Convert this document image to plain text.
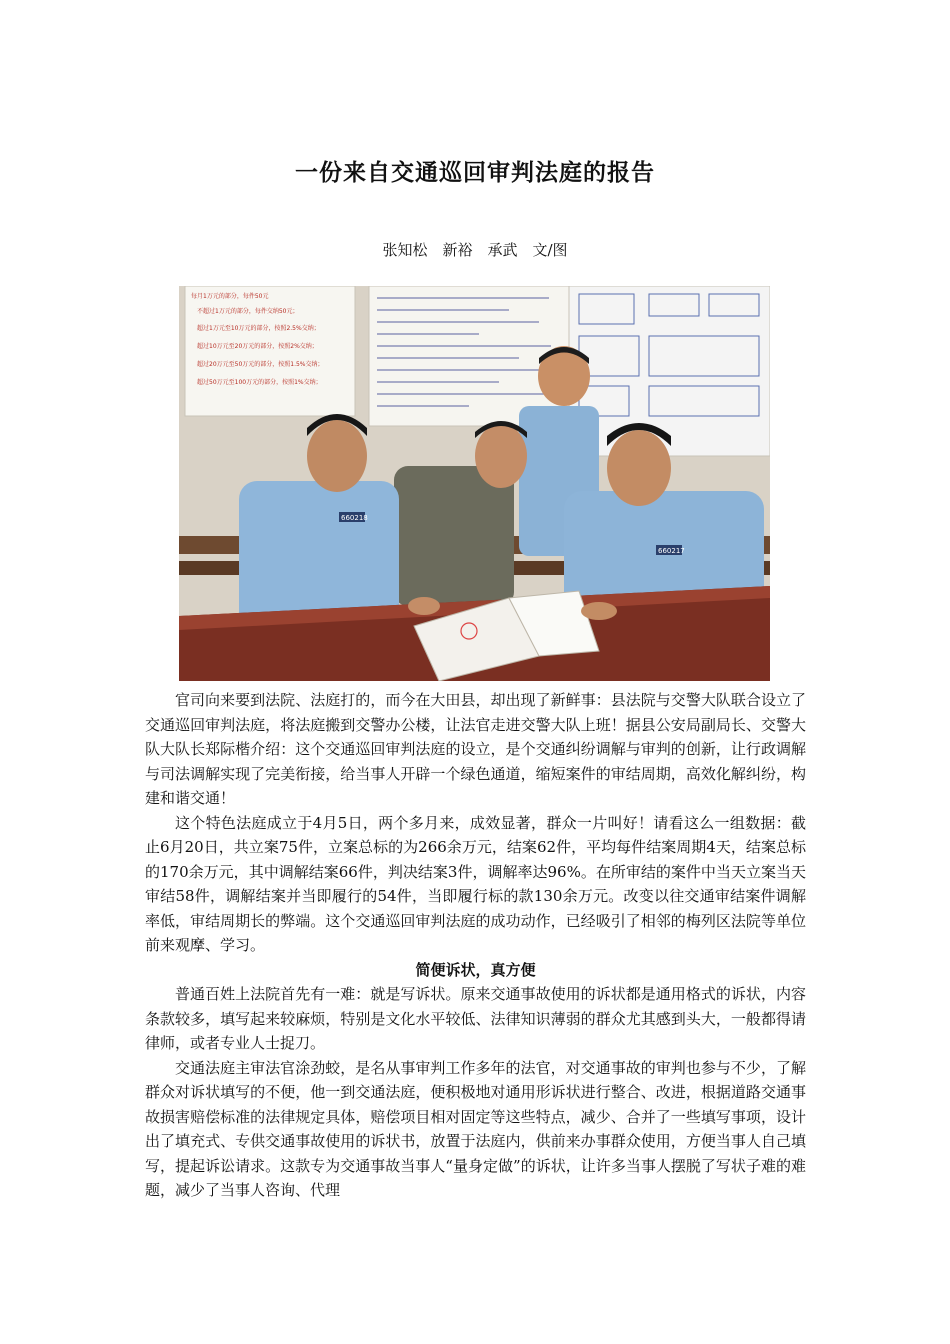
一份来自交通巡回审判法庭的报告
张知松　新裕　承武　文/图
每月1万元的部分，每件50元
不超过1万元的部分，每件交纳50元；
超过1万元至10万元的部分，按照2.5%交纳；
超过10万元至20万元的部分，按照2%交纳；
超过20万元至50万元的部分，按照1.5%交纳；
超过50万元至100万元的部分，按照1%交纳；
660218
660217

官司向来要到法院、法庭打的，而今在大田县，却出现了新鲜事：县法院与交警大队联合设立了交通巡回审判法庭，将法庭搬到交警办公楼，让法官走进交警大队上班！据县公安局副局长、交警大队大队长郑际楷介绍：这个交通巡回审判法庭的设立，是个交通纠纷调解与审判的创新，让行政调解与司法调解实现了完美衔接，给当事人开辟一个绿色通道，缩短案件的审结周期，高效化解纠纷，构建和谐交通！

这个特色法庭成立于4月5日，两个多月来，成效显著，群众一片叫好！请看这么一组数据：截止6月20日，共立案75件，立案总标的为266余万元，结案62件，平均每件结案周期4天，结案总标的170余万元，其中调解结案66件，判决结案3件，调解率达96%。在所审结的案件中当天立案当天审结58件，调解结案并当即履行的54件，当即履行标的款130余万元。改变以往交通审结案件调解率低，审结周期长的弊端。这个交通巡回审判法庭的成功动作，已经吸引了相邻的梅列区法院等单位前来观摩、学习。

简便诉状，真方便

普通百姓上法院首先有一难：就是写诉状。原来交通事故使用的诉状都是通用格式的诉状，内容条款较多，填写起来较麻烦，特别是文化水平较低、法律知识薄弱的群众尤其感到头大，一般都得请律师，或者专业人士捉刀。

交通法庭主审法官涂劲蛟，是名从事审判工作多年的法官，对交通事故的审判也参与不少，了解群众对诉状填写的不便，他一到交通法庭，便积极地对通用形诉状进行整合、改进，根据道路交通事故损害赔偿标准的法律规定具体，赔偿项目相对固定等这些特点，减少、合并了一些填写事项，设计出了填充式、专供交通事故使用的诉状书，放置于法庭内，供前来办事群众使用，方便当事人自己填写，提起诉讼请求。这款专为交通事故当事人“量身定做”的诉状，让许多当事人摆脱了写状子难的难题，减少了当事人咨询、代理
